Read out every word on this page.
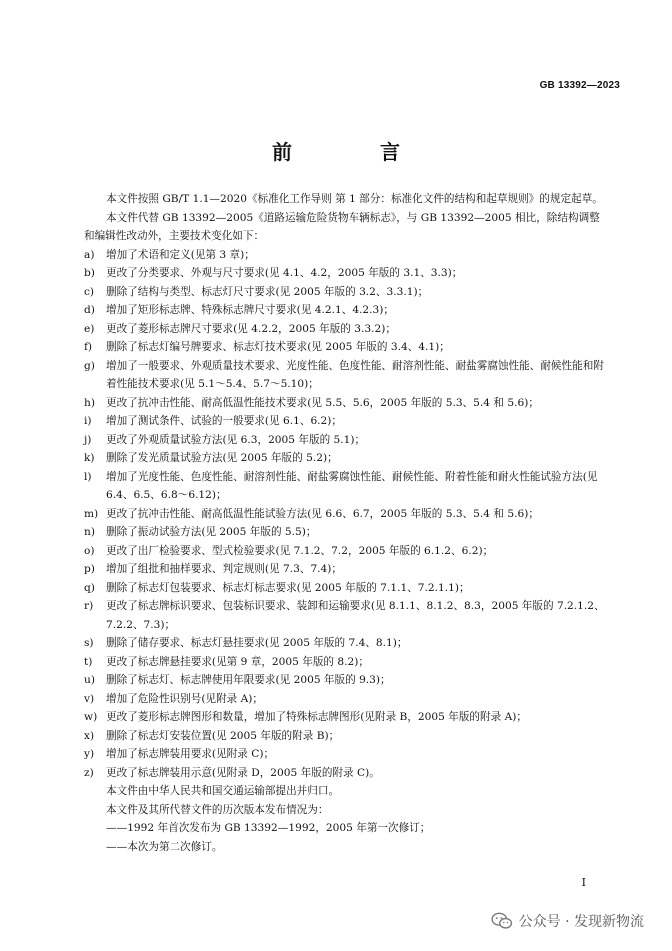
GB 13392—2023
前　言

本文件按照 GB/T 1.1—2020《标准化工作导则 第 1 部分：标准化文件的结构和起草规则》的规定起草。

本文件代替 GB 13392—2005《道路运输危险货物车辆标志》，与 GB 13392—2005 相比，除结构调整和编辑性改动外，主要技术变化如下：

a)	增加了术语和定义(见第 3 章)；
b)	更改了分类要求、外观与尺寸要求(见 4.1、4.2，2005 年版的 3.1、3.3)；
c)	删除了结构与类型、标志灯尺寸要求(见 2005 年版的 3.2、3.3.1)；
d)	增加了矩形标志牌、特殊标志牌尺寸要求(见 4.2.1、4.2.3)；
e)	更改了菱形标志牌尺寸要求(见 4.2.2，2005 年版的 3.3.2)；
f)	删除了标志灯编号牌要求、标志灯技术要求(见 2005 年版的 3.4、4.1)；
g)	增加了一般要求、外观质量技术要求、光度性能、色度性能、耐溶剂性能、耐盐雾腐蚀性能、耐候性能和附着性能技术要求(见 5.1～5.4、5.7～5.10)；
h)	更改了抗冲击性能、耐高低温性能技术要求(见 5.5、5.6，2005 年版的 5.3、5.4 和 5.6)；
i)	增加了测试条件、试验的一般要求(见 6.1、6.2)；
j)	更改了外观质量试验方法(见 6.3，2005 年版的 5.1)；
k)	删除了发光质量试验方法(见 2005 年版的 5.2)；
l)	增加了光度性能、色度性能、耐溶剂性能、耐盐雾腐蚀性能、耐候性能、附着性能和耐火性能试验方法(见 6.4、6.5、6.8～6.12)；
m) 更改了抗冲击性能、耐高低温性能试验方法(见 6.6、6.7，2005 年版的 5.3、5.4 和 5.6)；
n)	删除了振动试验方法(见 2005 年版的 5.5)；
o)	更改了出厂检验要求、型式检验要求(见 7.1.2、7.2，2005 年版的 6.1.2、6.2)；
p)	增加了组批和抽样要求、判定规则(见 7.3、7.4)；
q)	删除了标志灯包装要求、标志灯标志要求(见 2005 年版的 7.1.1、7.2.1.1)；
r)	更改了标志牌标识要求、包装标识要求、装卸和运输要求(见 8.1.1、8.1.2、8.3，2005 年版的 7.2.1.2、7.2.2、7.3)；
s)	删除了储存要求、标志灯悬挂要求(见 2005 年版的 7.4、8.1)；
t)	更改了标志牌悬挂要求(见第 9 章，2005 年版的 8.2)；
u)	删除了标志灯、标志牌使用年限要求(见 2005 年版的 9.3)；
v)	增加了危险性识别号(见附录 A)；
w) 更改了菱形标志牌图形和数量，增加了特殊标志牌图形(见附录 B，2005 年版的附录 A)；
x)	删除了标志灯安装位置(见 2005 年版的附录 B)；
y)	增加了标志牌装用要求(见附录 C)；
z)	更改了标志牌装用示意(见附录 D，2005 年版的附录 C)。

本文件由中华人民共和国交通运输部提出并归口。

本文件及其所代替文件的历次版本发布情况为：

——1992 年首次发布为 GB 13392—1992，2005 年第一次修订；

——本次为第二次修订。

I
公众号 · 发现新物流
